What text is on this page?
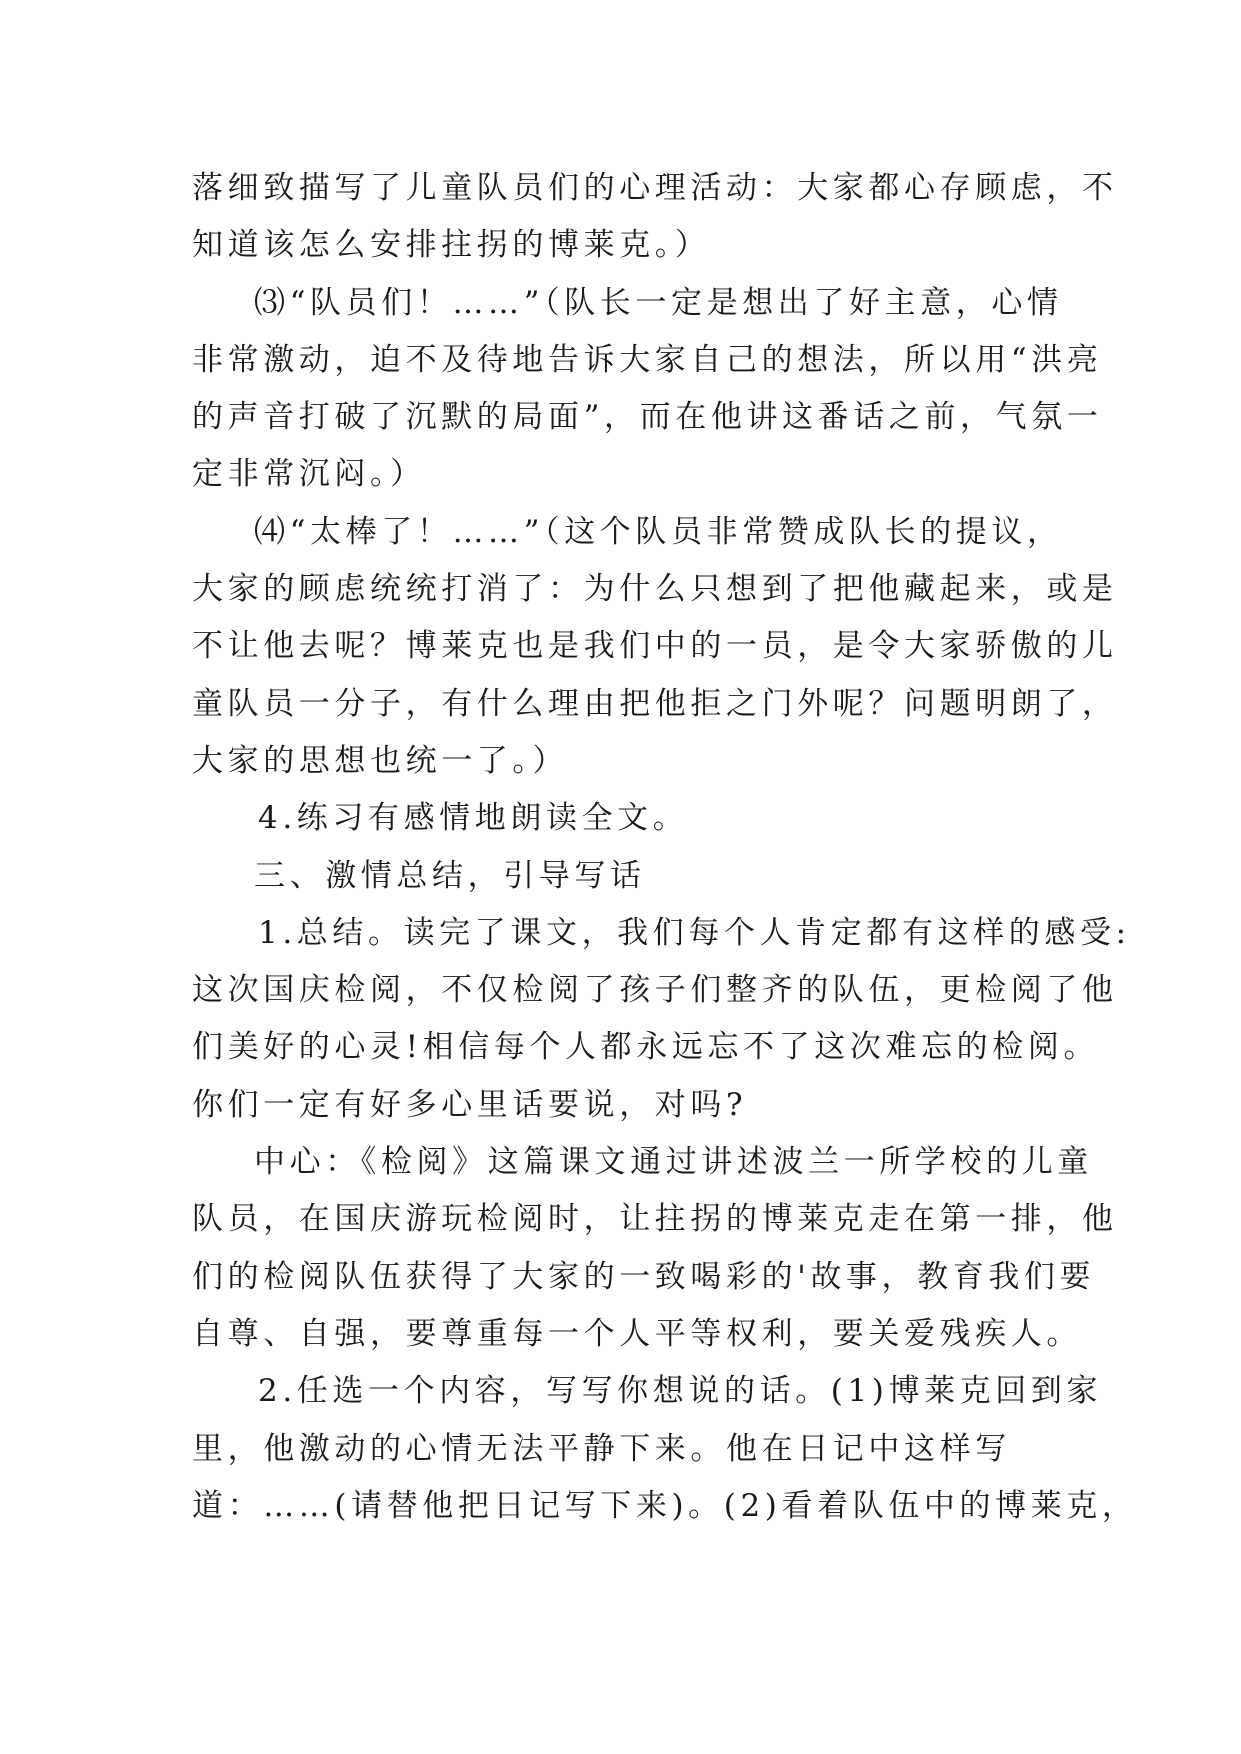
落细致描写了儿童队员们的心理活动：大家都心存顾虑，不
知道该怎么安排拄拐的博莱克。）
⑶“队员们！……”（队长一定是想出了好主意，心情
非常激动，迫不及待地告诉大家自己的想法，所以用“洪亮
的声音打破了沉默的局面”，而在他讲这番话之前，气氛一
定非常沉闷。）
⑷“太棒了！……”（这个队员非常赞成队长的提议，
大家的顾虑统统打消了：为什么只想到了把他藏起来，或是
不让他去呢？博莱克也是我们中的一员，是令大家骄傲的儿
童队员一分子，有什么理由把他拒之门外呢？问题明朗了，
大家的思想也统一了。）
4.练习有感情地朗读全文。
三、激情总结，引导写话
1.总结。读完了课文，我们每个人肯定都有这样的感受:
这次国庆检阅，不仅检阅了孩子们整齐的队伍，更检阅了他
们美好的心灵!相信每个人都永远忘不了这次难忘的检阅。
你们一定有好多心里话要说，对吗?
中心：《检阅》这篇课文通过讲述波兰一所学校的儿童
队员，在国庆游玩检阅时，让拄拐的博莱克走在第一排，他
们的检阅队伍获得了大家的一致喝彩的'故事，教育我们要
自尊、自强，要尊重每一个人平等权利，要关爱残疾人。
2.任选一个内容，写写你想说的话。(1)博莱克回到家
里，他激动的心情无法平静下来。他在日记中这样写
道：……(请替他把日记写下来)。(2)看着队伍中的博莱克，
